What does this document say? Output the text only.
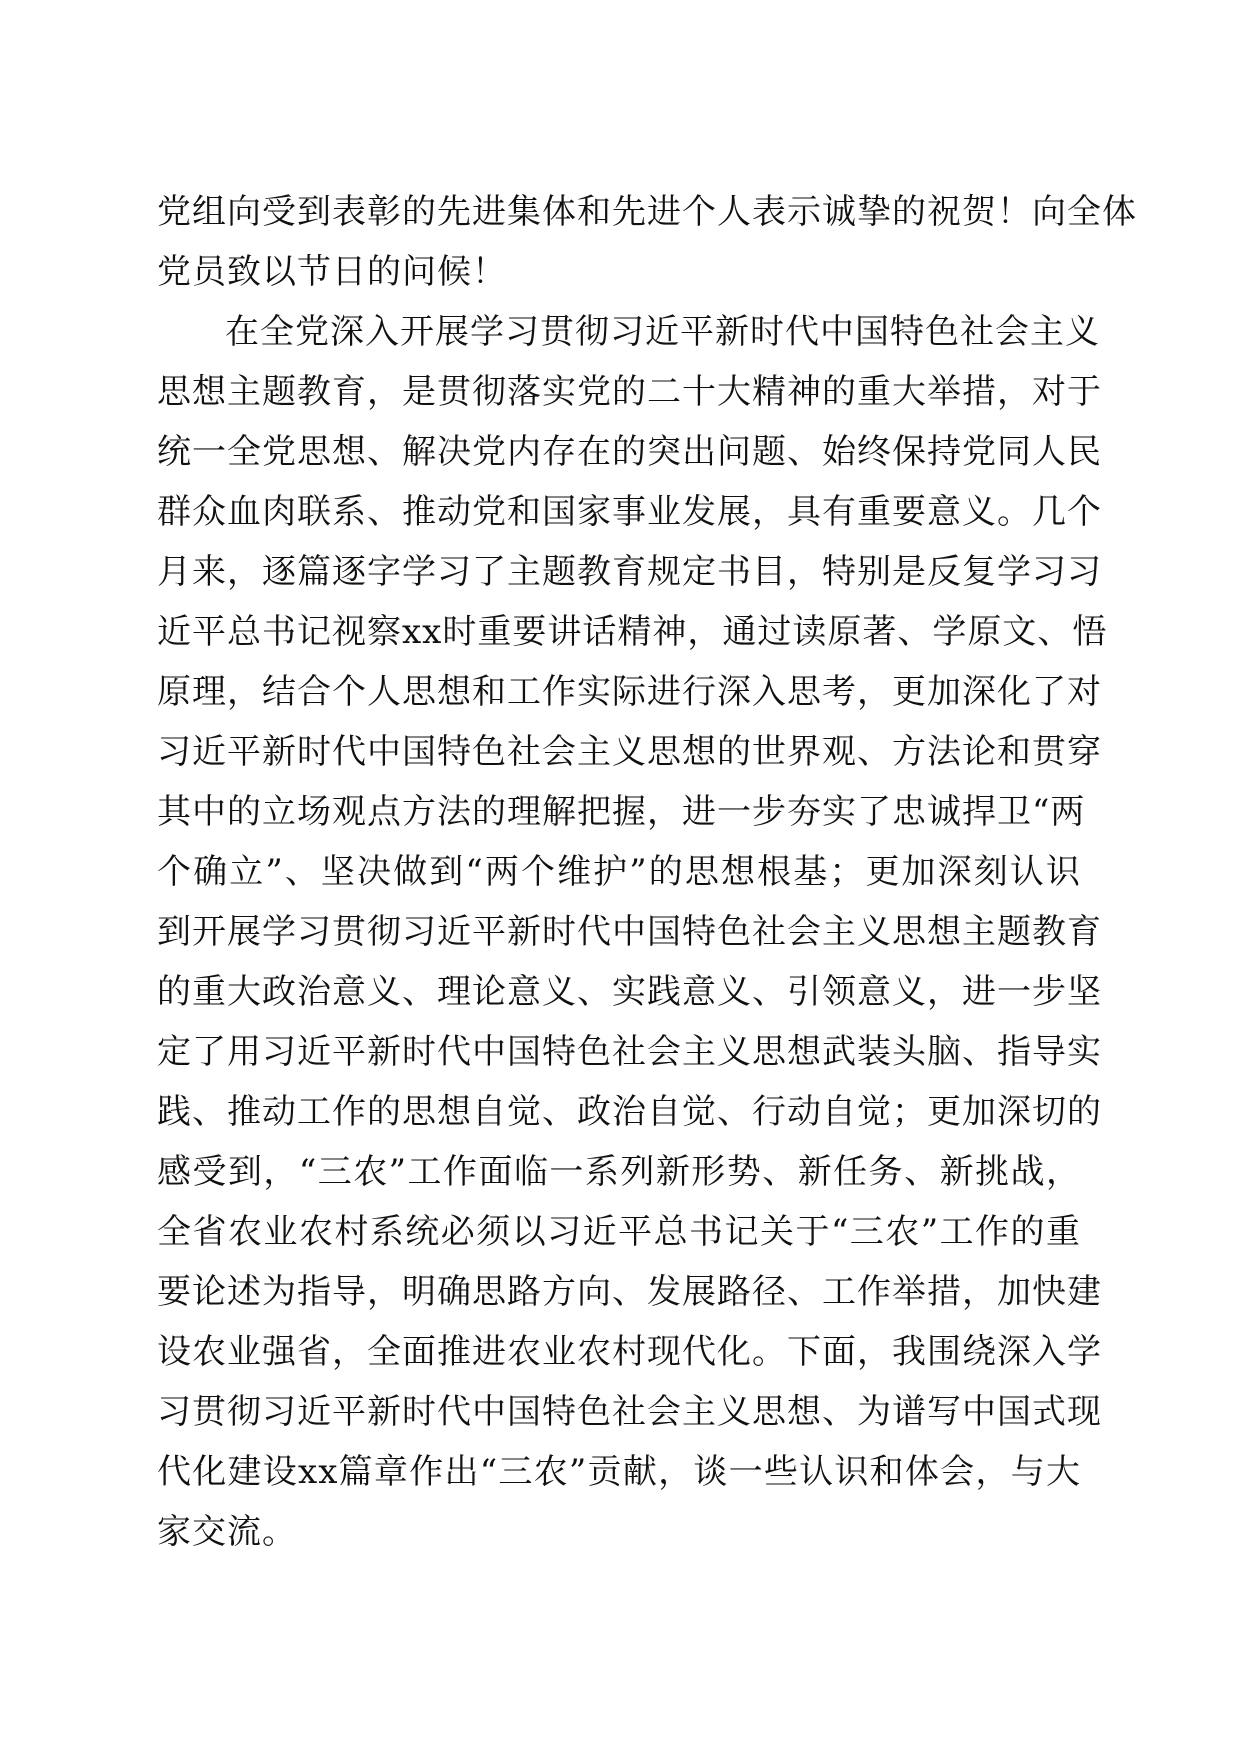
党组向受到表彰的先进集体和先进个人表示诚挚的祝贺！向全体
党员致以节日的问候！
在全党深入开展学习贯彻习近平新时代中国特色社会主义
思想主题教育，是贯彻落实党的二十大精神的重大举措，对于
统一全党思想、解决党内存在的突出问题、始终保持党同人民
群众血肉联系、推动党和国家事业发展，具有重要意义。几个
月来，逐篇逐字学习了主题教育规定书目，特别是反复学习习
近平总书记视察xx时重要讲话精神，通过读原著、学原文、悟
原理，结合个人思想和工作实际进行深入思考，更加深化了对
习近平新时代中国特色社会主义思想的世界观、方法论和贯穿
其中的立场观点方法的理解把握，进一步夯实了忠诚捍卫“两
个确立”、坚决做到“两个维护”的思想根基；更加深刻认识
到开展学习贯彻习近平新时代中国特色社会主义思想主题教育
的重大政治意义、理论意义、实践意义、引领意义，进一步坚
定了用习近平新时代中国特色社会主义思想武装头脑、指导实
践、推动工作的思想自觉、政治自觉、行动自觉；更加深切的
感受到，“三农”工作面临一系列新形势、新任务、新挑战，
全省农业农村系统必须以习近平总书记关于“三农”工作的重
要论述为指导，明确思路方向、发展路径、工作举措，加快建
设农业强省，全面推进农业农村现代化。下面，我围绕深入学
习贯彻习近平新时代中国特色社会主义思想、为谱写中国式现
代化建设xx篇章作出“三农”贡献，谈一些认识和体会，与大
家交流。
